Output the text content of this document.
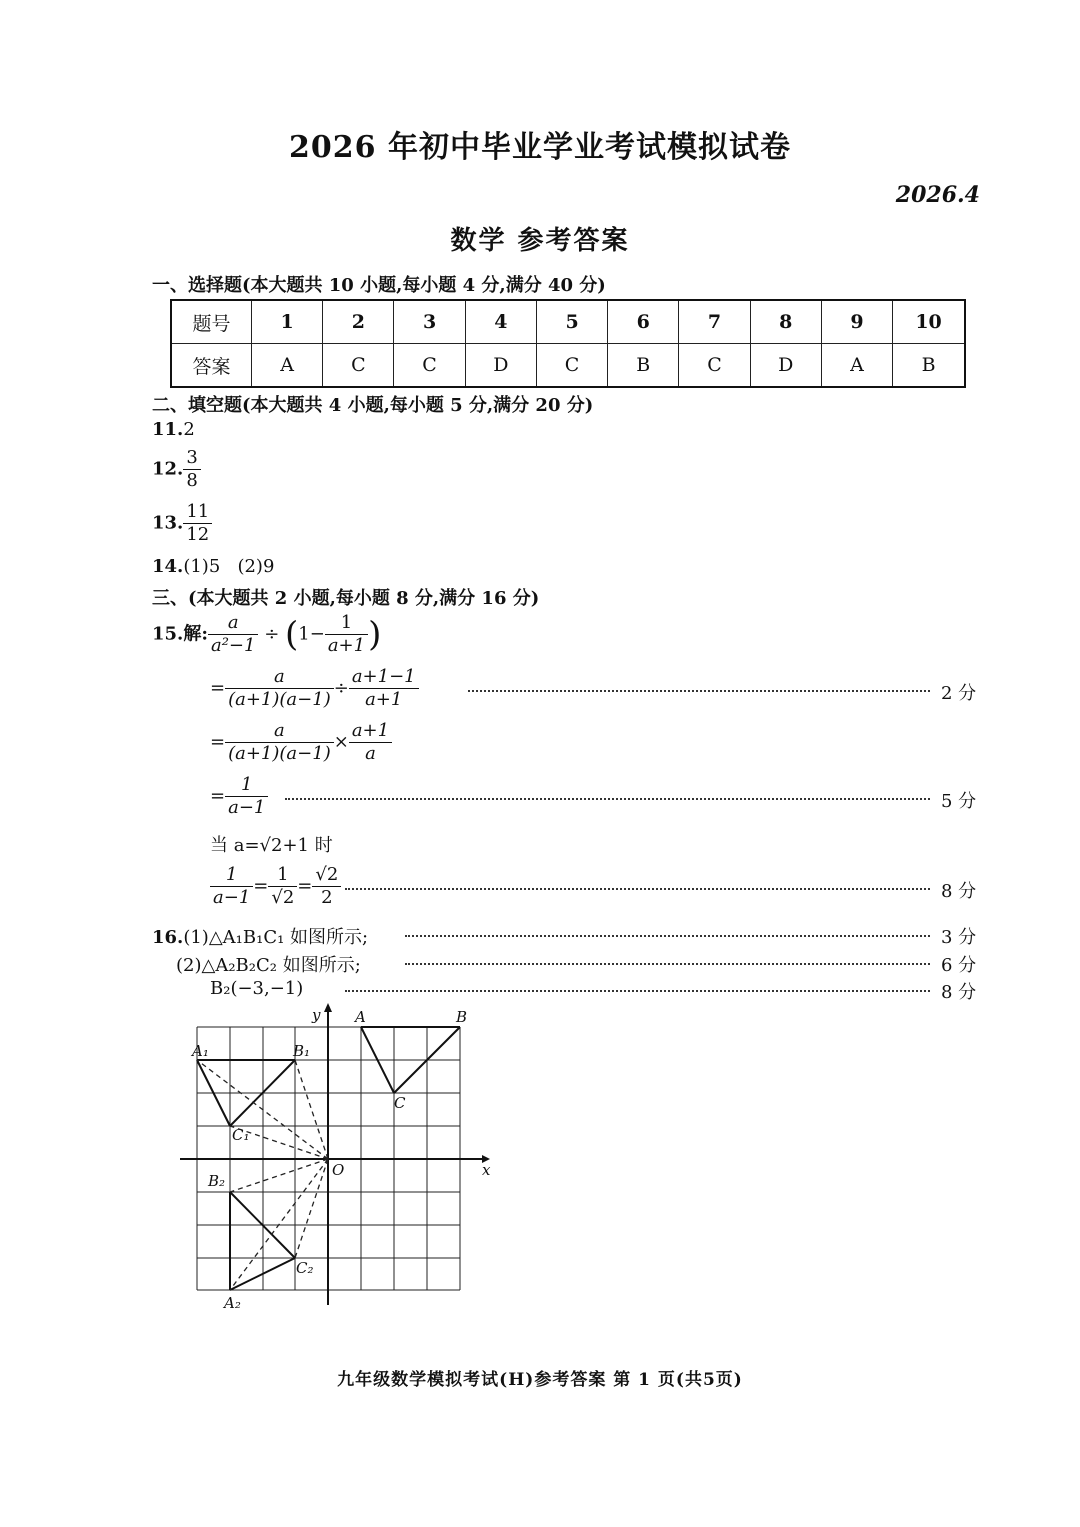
2026 年初中毕业学业考试模拟试卷
2026.4
数学 参考答案
一、选择题(本大题共 10 小题,每小题 4 分,满分 40 分)
题号	1	2	3	4	5	6	7	8	9	10
答案	A	C	C	D	C	B	C	D	A	B
二、填空题(本大题共 4 小题,每小题 5 分,满分 20 分)
11.2
12. $\frac{3}{8}$
13. $\frac{11}{12}$
14.(1)5   (2)9
三、(本大题共 2 小题,每小题 8 分,满分 16 分)
15.解: $\frac{a}{\text{a²−1}} \div (1- \frac{1}{a+1}$ )
= $\frac{a}{(a+1)(a-1)} \div \frac{a+1-1}{a+1}$	2 分
= $\frac{a}{(a+1)(a-1)} \times \frac{a+1}{a}$
= $\frac{1}{a-1}$	5 分
当 a=√2+1 时
$\frac{1}{a-1} = \frac{1}{√2} = \frac{√2}{2}$	8 分
16.(1)△A₁B₁C₁ 如图所示;	3 分
(2)△A₂B₂C₂ 如图所示;	6 分
B₂(−3,−1)	8 分
y
x
O
A	B
C
A₁	B₁
C₁
B₂
C₂
A₂
九年级数学模拟考试(H)参考答案 第 1 页(共5页)
